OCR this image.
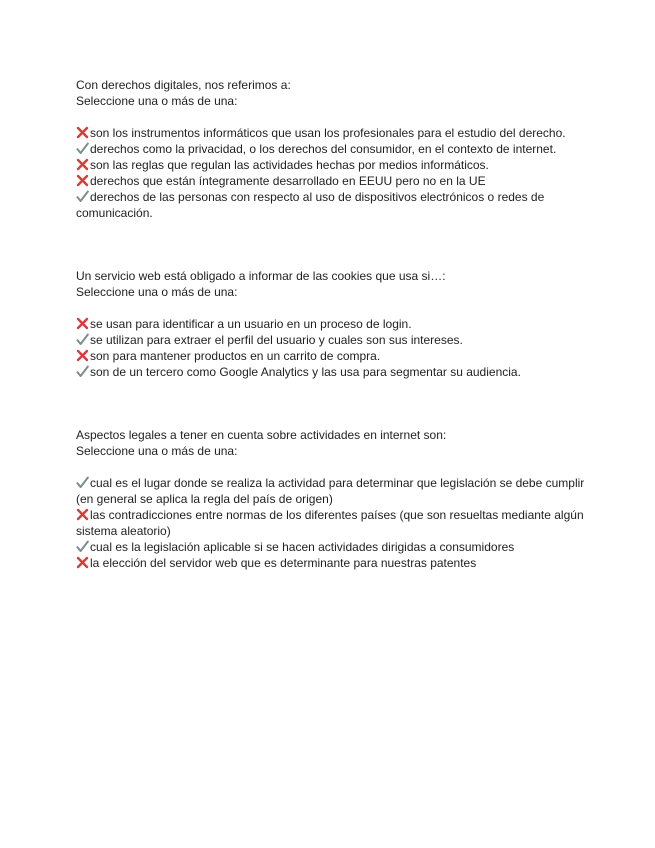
Con derechos digitales, nos referimos a:

Seleccione una o más de una:

son los instrumentos informáticos que usan los profesionales para el estudio del derecho.

derechos como la privacidad, o los derechos del consumidor, en el contexto de internet.

son las reglas que regulan las actividades hechas por medios informáticos.

derechos que están íntegramente desarrollado en EEUU pero no en la UE

derechos de las personas con respecto al uso de dispositivos electrónicos o redes de comunicación.

Un servicio web está obligado a informar de las cookies que usa si…:

Seleccione una o más de una:

se usan para identificar a un usuario en un proceso de login.

se utilizan para extraer el perfil del usuario y cuales son sus intereses.

son para mantener productos en un carrito de compra.

son de un tercero como Google Analytics y las usa para segmentar su audiencia.

Aspectos legales a tener en cuenta sobre actividades en internet son:

Seleccione una o más de una:

cual es el lugar donde se realiza la actividad para determinar que legislación se debe cumplir (en general se aplica la regla del país de origen)

las contradicciones entre normas de los diferentes países (que son resueltas mediante algún sistema aleatorio)

cual es la legislación aplicable si se hacen actividades dirigidas a consumidores

la elección del servidor web que es determinante para nuestras patentes
